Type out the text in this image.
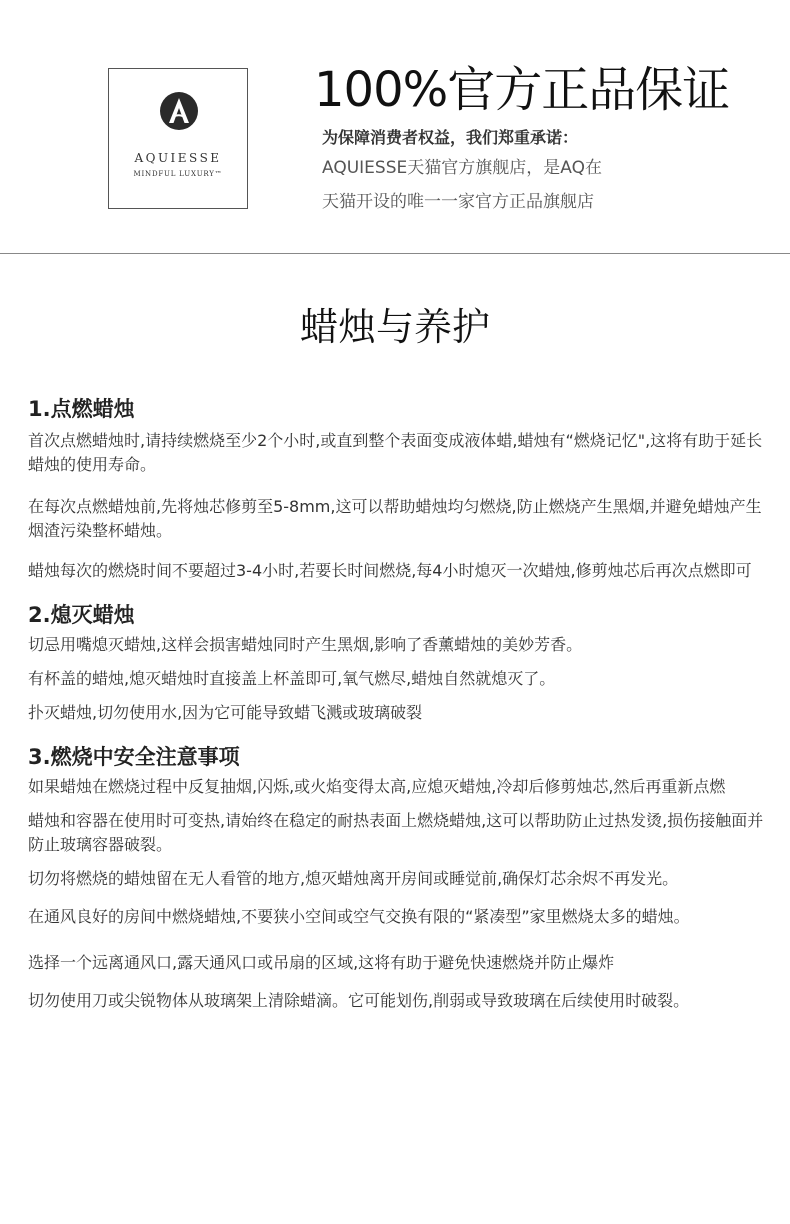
AQUIESSE
MINDFUL LUXURY™
100%官方正品保证
为保障消费者权益，我们郑重承诺：
AQUIESSE天猫官方旗舰店，是AQ在
天猫开设的唯一一家官方正品旗舰店
蜡烛与养护
1.点燃蜡烛

首次点燃蜡烛时,请持续燃烧至少2个小时,或直到整个表面变成液体蜡,蜡烛有“燃烧记忆",这将有助于延长蜡烛的使用寿命。

在每次点燃蜡烛前,先将烛芯修剪至5-8mm,这可以帮助蜡烛均匀燃烧,防止燃烧产生黑烟,并避免蜡烛产生烟渣污染整杯蜡烛。

蜡烛每次的燃烧时间不要超过3-4小时,若要长时间燃烧,每4小时熄灭一次蜡烛,修剪烛芯后再次点燃即可

2.熄灭蜡烛

切忌用嘴熄灭蜡烛,这样会损害蜡烛同时产生黑烟,影响了香薰蜡烛的美妙芳香。

有杯盖的蜡烛,熄灭蜡烛时直接盖上杯盖即可,氧气燃尽,蜡烛自然就熄灭了。

扑灭蜡烛,切勿使用水,因为它可能导致蜡飞溅或玻璃破裂

3.燃烧中安全注意事项

如果蜡烛在燃烧过程中反复抽烟,闪烁,或火焰变得太高,应熄灭蜡烛,冷却后修剪烛芯,然后再重新点燃

蜡烛和容器在使用时可变热,请始终在稳定的耐热表面上燃烧蜡烛,这可以帮助防止过热发烫,损伤接触面并防止玻璃容器破裂。

切勿将燃烧的蜡烛留在无人看管的地方,熄灭蜡烛离开房间或睡觉前,确保灯芯余烬不再发光。

在通风良好的房间中燃烧蜡烛,不要狭小空间或空气交换有限的“紧凑型”家里燃烧太多的蜡烛。

选择一个远离通风口,露天通风口或吊扇的区域,这将有助于避免快速燃烧并防止爆炸

切勿使用刀或尖锐物体从玻璃架上清除蜡滴。它可能划伤,削弱或导致玻璃在后续使用时破裂。
